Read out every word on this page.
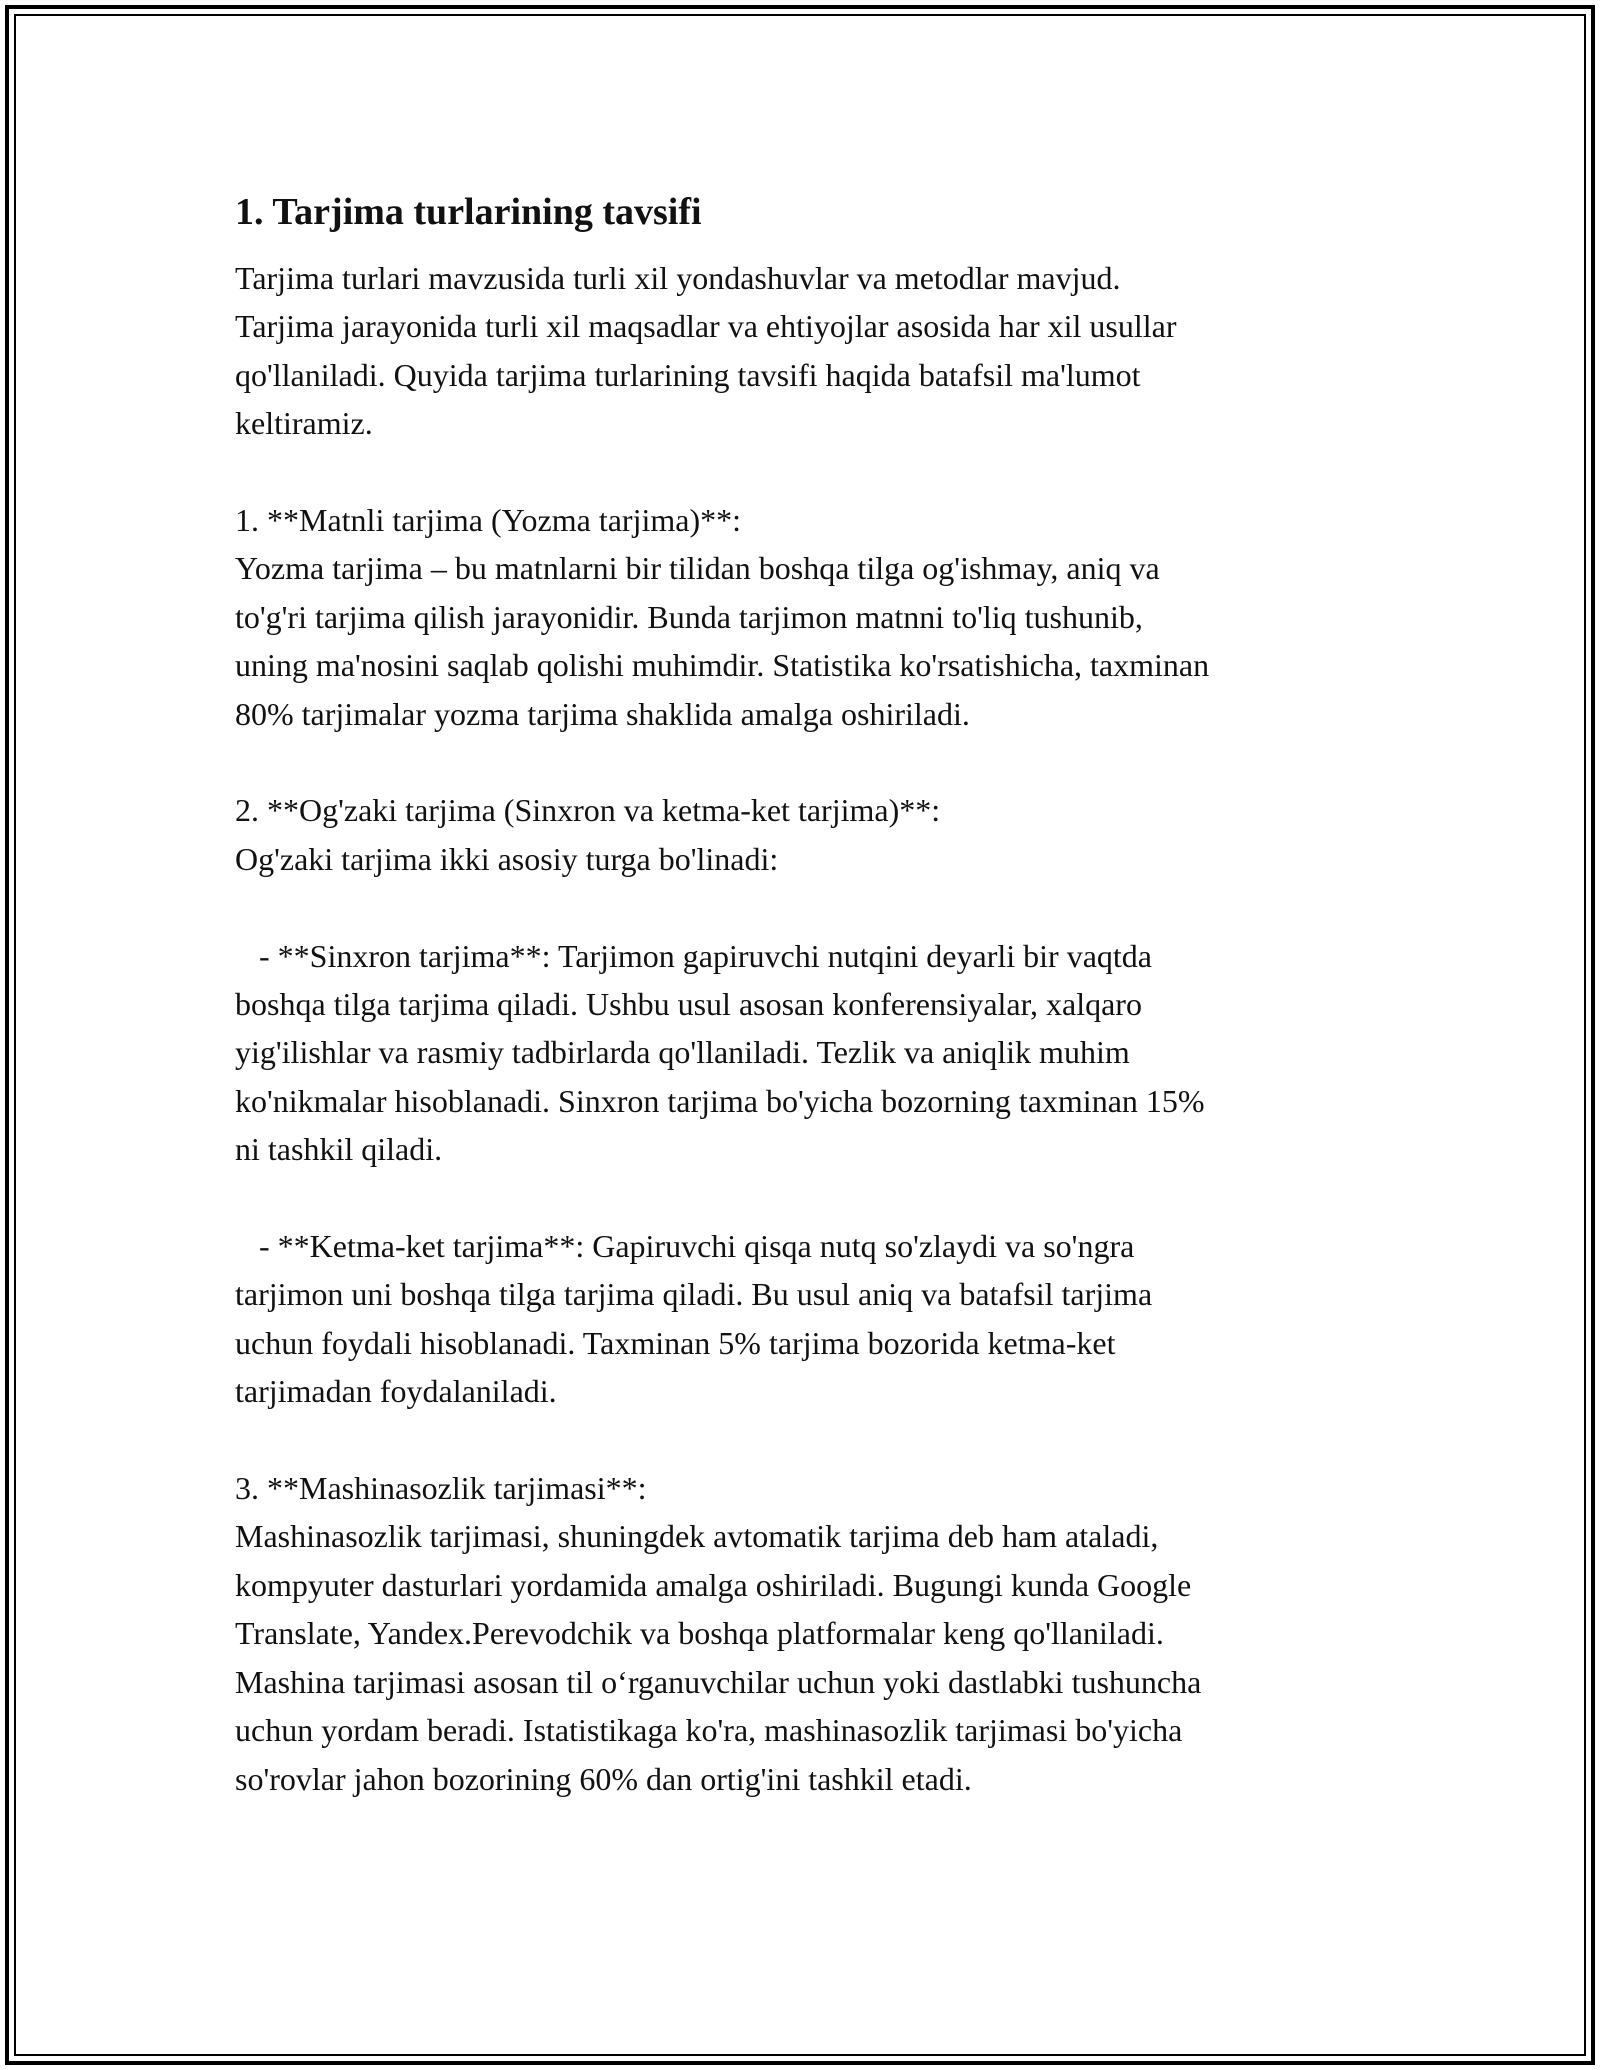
1. Tarjima turlarining tavsifi
Tarjima turlari mavzusida turli xil yondashuvlar va metodlar mavjud.
Tarjima jarayonida turli xil maqsadlar va ehtiyojlar asosida har xil usullar
qo'llaniladi. Quyida tarjima turlarining tavsifi haqida batafsil ma'lumot
keltiramiz.
1. **Matnli tarjima (Yozma tarjima)**:
Yozma tarjima – bu matnlarni bir tilidan boshqa tilga og'ishmay, aniq va
to'g'ri tarjima qilish jarayonidir. Bunda tarjimon matnni to'liq tushunib,
uning ma'nosini saqlab qolishi muhimdir. Statistika ko'rsatishicha, taxminan
80% tarjimalar yozma tarjima shaklida amalga oshiriladi.
2. **Og'zaki tarjima (Sinxron va ketma-ket tarjima)**:
Og'zaki tarjima ikki asosiy turga bo'linadi:
- **Sinxron tarjima**: Tarjimon gapiruvchi nutqini deyarli bir vaqtda
boshqa tilga tarjima qiladi. Ushbu usul asosan konferensiyalar, xalqaro
yig'ilishlar va rasmiy tadbirlarda qo'llaniladi. Tezlik va aniqlik muhim
ko'nikmalar hisoblanadi. Sinxron tarjima bo'yicha bozorning taxminan 15%
ni tashkil qiladi.
- **Ketma-ket tarjima**: Gapiruvchi qisqa nutq so'zlaydi va so'ngra
tarjimon uni boshqa tilga tarjima qiladi. Bu usul aniq va batafsil tarjima
uchun foydali hisoblanadi. Taxminan 5% tarjima bozorida ketma-ket
tarjimadan foydalaniladi.
3. **Mashinasozlik tarjimasi**:
Mashinasozlik tarjimasi, shuningdek avtomatik tarjima deb ham ataladi,
kompyuter dasturlari yordamida amalga oshiriladi. Bugungi kunda Google
Translate, Yandex.Perevodchik va boshqa platformalar keng qo'llaniladi.
Mashina tarjimasi asosan til o‘rganuvchilar uchun yoki dastlabki tushuncha
uchun yordam beradi. Istatistikaga ko'ra, mashinasozlik tarjimasi bo'yicha
so'rovlar jahon bozorining 60% dan ortig'ini tashkil etadi.
